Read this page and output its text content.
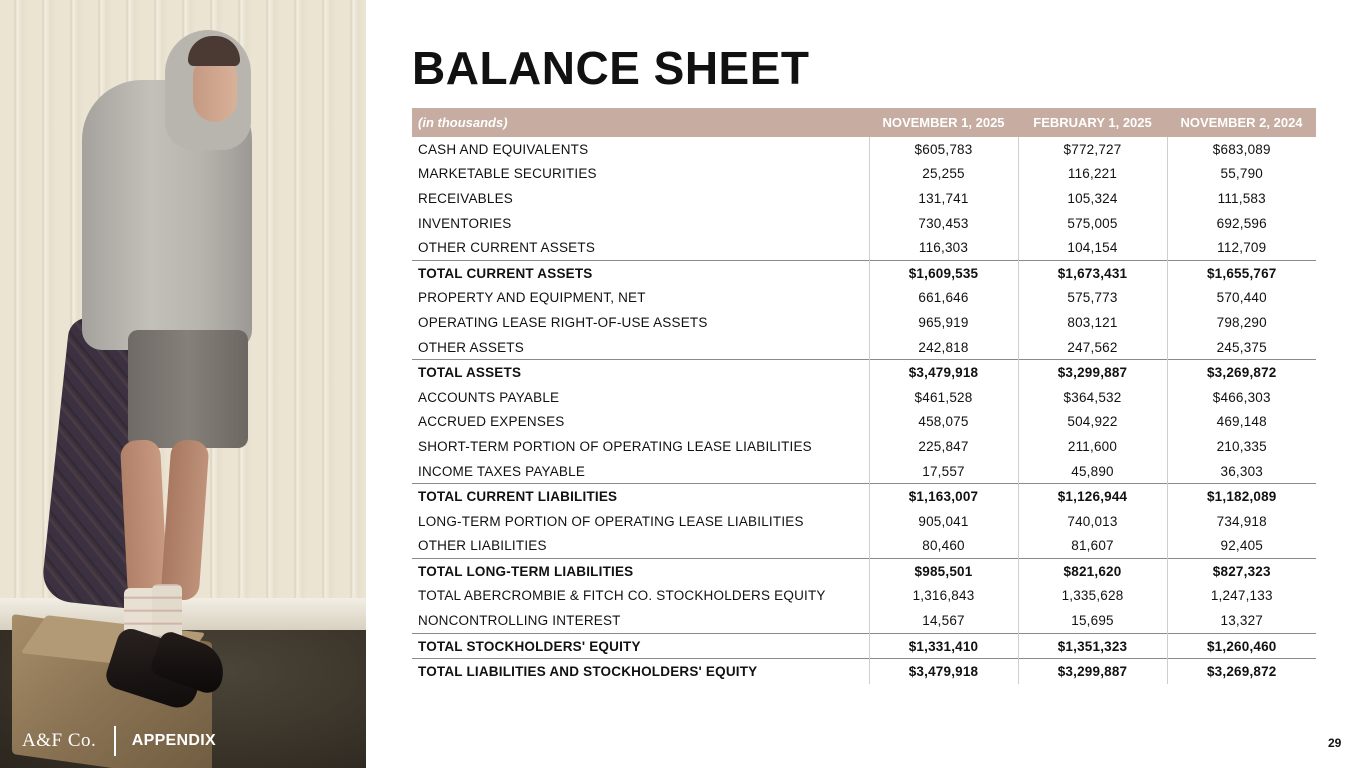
A&F Co. APPENDIX
BALANCE SHEET
(in thousands)	NOVEMBER 1, 2025	FEBRUARY 1, 2025	NOVEMBER 2, 2024
CASH AND EQUIVALENTS	$605,783	$772,727	$683,089
MARKETABLE SECURITIES	25,255	116,221	55,790
RECEIVABLES	131,741	105,324	111,583
INVENTORIES	730,453	575,005	692,596
OTHER CURRENT ASSETS	116,303	104,154	112,709
TOTAL CURRENT ASSETS	$1,609,535	$1,673,431	$1,655,767
PROPERTY AND EQUIPMENT, NET	661,646	575,773	570,440
OPERATING LEASE RIGHT-OF-USE ASSETS	965,919	803,121	798,290
OTHER ASSETS	242,818	247,562	245,375
TOTAL ASSETS	$3,479,918	$3,299,887	$3,269,872
ACCOUNTS PAYABLE	$461,528	$364,532	$466,303
ACCRUED EXPENSES	458,075	504,922	469,148
SHORT-TERM PORTION OF OPERATING LEASE LIABILITIES	225,847	211,600	210,335
INCOME TAXES PAYABLE	17,557	45,890	36,303
TOTAL CURRENT LIABILITIES	$1,163,007	$1,126,944	$1,182,089
LONG-TERM PORTION OF OPERATING LEASE LIABILITIES	905,041	740,013	734,918
OTHER LIABILITIES	80,460	81,607	92,405
TOTAL LONG-TERM LIABILITIES	$985,501	$821,620	$827,323
TOTAL ABERCROMBIE & FITCH CO. STOCKHOLDERS EQUITY	1,316,843	1,335,628	1,247,133
NONCONTROLLING INTEREST	14,567	15,695	13,327
TOTAL STOCKHOLDERS' EQUITY	$1,331,410	$1,351,323	$1,260,460
TOTAL LIABILITIES AND STOCKHOLDERS' EQUITY	$3,479,918	$3,299,887	$3,269,872
29
